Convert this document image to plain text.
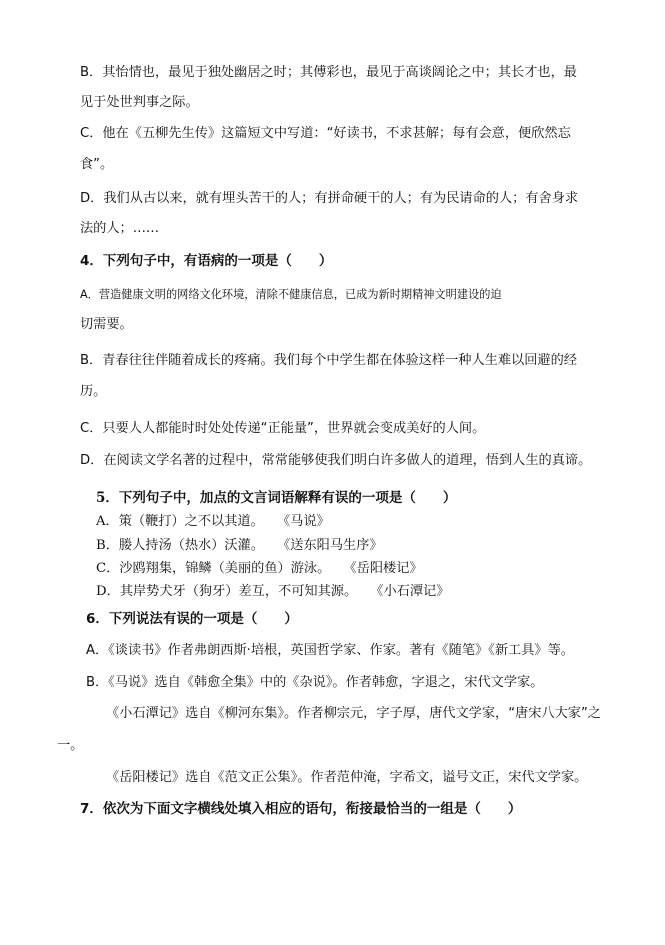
B．其怡情也，最见于独处幽居之时；其傅彩也，最见于高谈阔论之中；其长才也，最
见于处世判事之际。
C．他在《五柳先生传》这篇短文中写道：“好读书，不求甚解；每有会意，便欣然忘
食”。
D．我们从古以来，就有埋头苦干的人；有拼命硬干的人；有为民请命的人；有舍身求
法的人；……
4．下列句子中，有语病的一项是（　　）
A．营造健康文明的网络文化环境，清除不健康信息，已成为新时期精神文明建设的迫
切需要。
B．青春往往伴随着成长的疼痛。我们每个中学生都在体验这样一种人生难以回避的经
历。
C．只要人人都能时时处处传递“正能量”，世界就会变成美好的人间。
D．在阅读文学名著的过程中，常常能够使我们明白许多做人的道理，悟到人生的真谛。
5．下列句子中，加点的文言词语解释有误的一项是（　　）
A．策（鞭打）之不以其道。　　《马说》
B．媵人持汤（热水）沃灌。　　《送东阳马生序》
C．沙鸥翔集，锦鳞（美丽的鱼）游泳。　　《岳阳楼记》
D．其岸势犬牙（狗牙）差互，不可知其源。　　《小石潭记》
6．下列说法有误的一项是（　　）
A．《谈读书》作者弗朗西斯·培根，英国哲学家、作家。著有《随笔》《新工具》等。
B．《马说》选自《韩愈全集》中的《杂说》。作者韩愈，字退之，宋代文学家。
《小石潭记》选自《柳河东集》。作者柳宗元，字子厚，唐代文学家，“唐宋八大家”之
一。
《岳阳楼记》选自《范文正公集》。作者范仲淹，字希文，谥号文正，宋代文学家。
7．依次为下面文字横线处填入相应的语句，衔接最恰当的一组是（　　）
